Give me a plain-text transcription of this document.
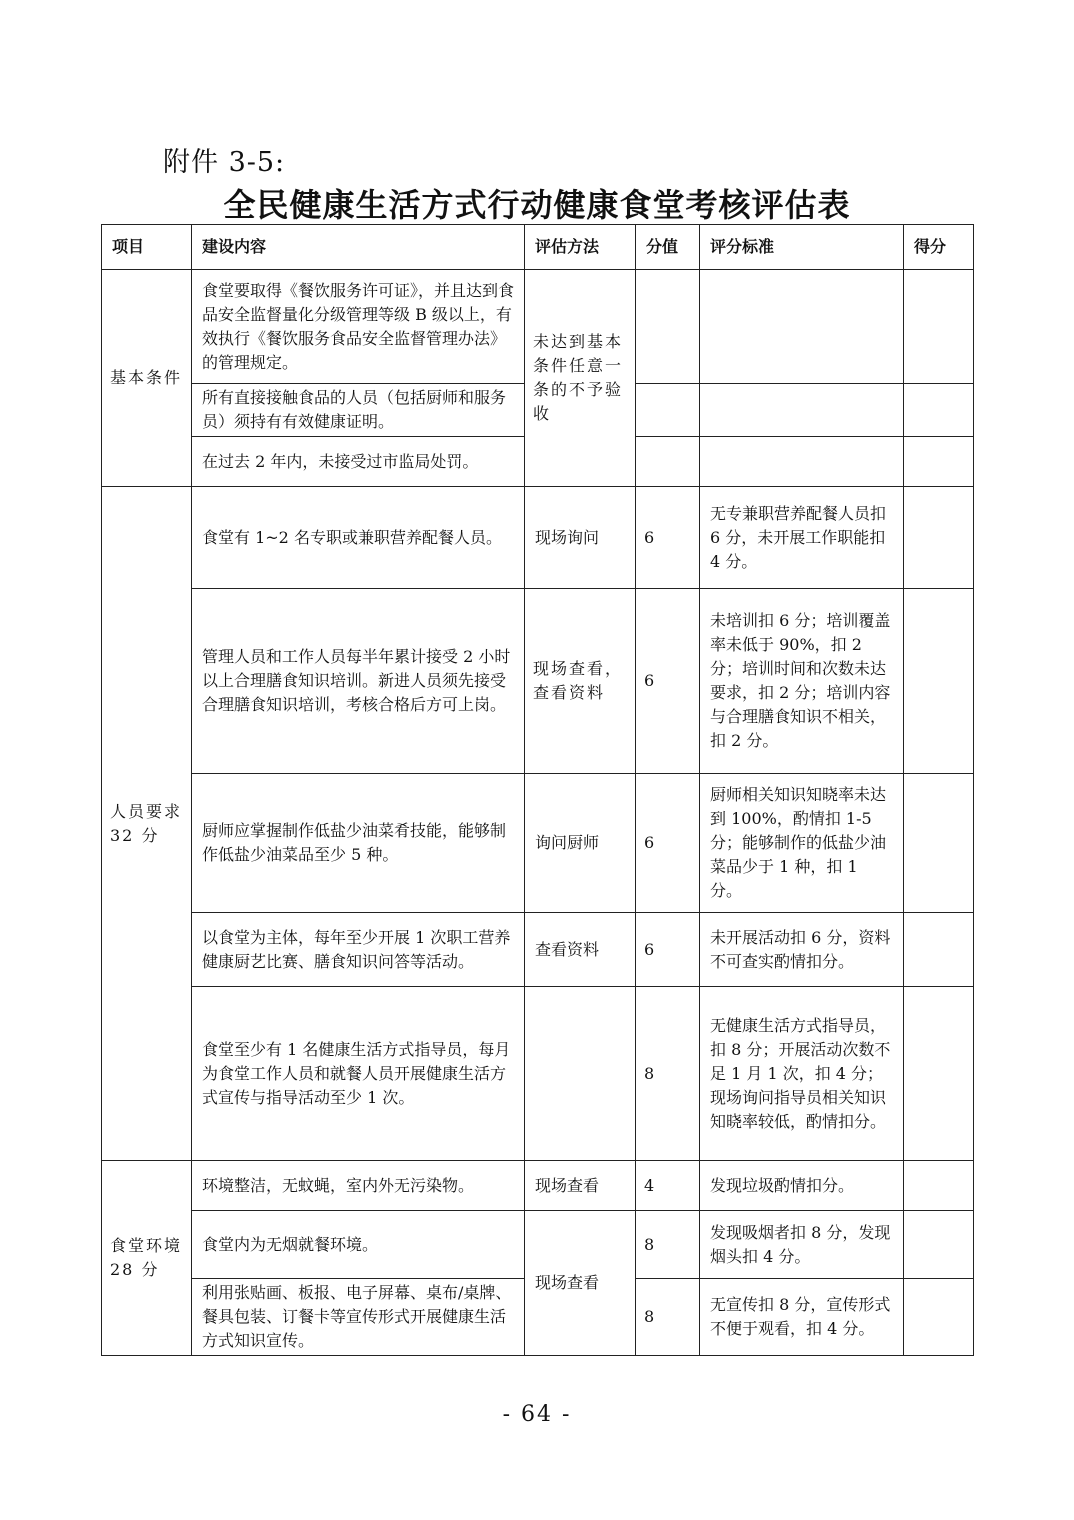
附件 3-5:
全民健康生活方式行动健康食堂考核评估表
项目	建设内容	评估方法	分值	评分标准	得分
基本条件	食堂要取得《餐饮服务许可证》，并且达到食品安全监督量化分级管理等级 B 级以上，有效执行《餐饮服务食品安全监督管理办法》的管理规定。	未达到基本条件任意一条的不予验收			
	所有直接接触食品的人员（包括厨师和服务员）须持有有效健康证明。				
	在过去 2 年内，未接受过市监局处罚。				
人员要求 32 分	食堂有 1~2 名专职或兼职营养配餐人员。	现场询问	6	无专兼职营养配餐人员扣 6 分，未开展工作职能扣 4 分。	
	管理人员和工作人员每半年累计接受 2 小时以上合理膳食知识培训。新进人员须先接受合理膳食知识培训，考核合格后方可上岗。	现场查看，查看资料	6	未培训扣 6 分；培训覆盖率未低于 90%，扣 2 分；培训时间和次数未达要求，扣 2 分；培训内容与合理膳食知识不相关，扣 2 分。	
	厨师应掌握制作低盐少油菜肴技能，能够制作低盐少油菜品至少 5 种。	询问厨师	6	厨师相关知识知晓率未达到 100%，酌情扣 1-5 分；能够制作的低盐少油菜品少于 1 种，扣 1 分。	
	以食堂为主体，每年至少开展 1 次职工营养健康厨艺比赛、膳食知识问答等活动。	查看资料	6	未开展活动扣 6 分，资料不可查实酌情扣分。	
	食堂至少有 1 名健康生活方式指导员，每月为食堂工作人员和就餐人员开展健康生活方式宣传与指导活动至少 1 次。		8	无健康生活方式指导员，扣 8 分；开展活动次数不足 1 月 1 次，扣 4 分；现场询问指导员相关知识知晓率较低，酌情扣分。	
食堂环境 28 分	环境整洁，无蚊蝇，室内外无污染物。	现场查看	4	发现垃圾酌情扣分。	
	食堂内为无烟就餐环境。	现场查看	8	发现吸烟者扣 8 分，发现烟头扣 4 分。	
	利用张贴画、板报、电子屏幕、桌布/桌牌、餐具包装、订餐卡等宣传形式开展健康生活方式知识宣传。		8	无宣传扣 8 分，宣传形式不便于观看，扣 4 分。	
- 64 -
